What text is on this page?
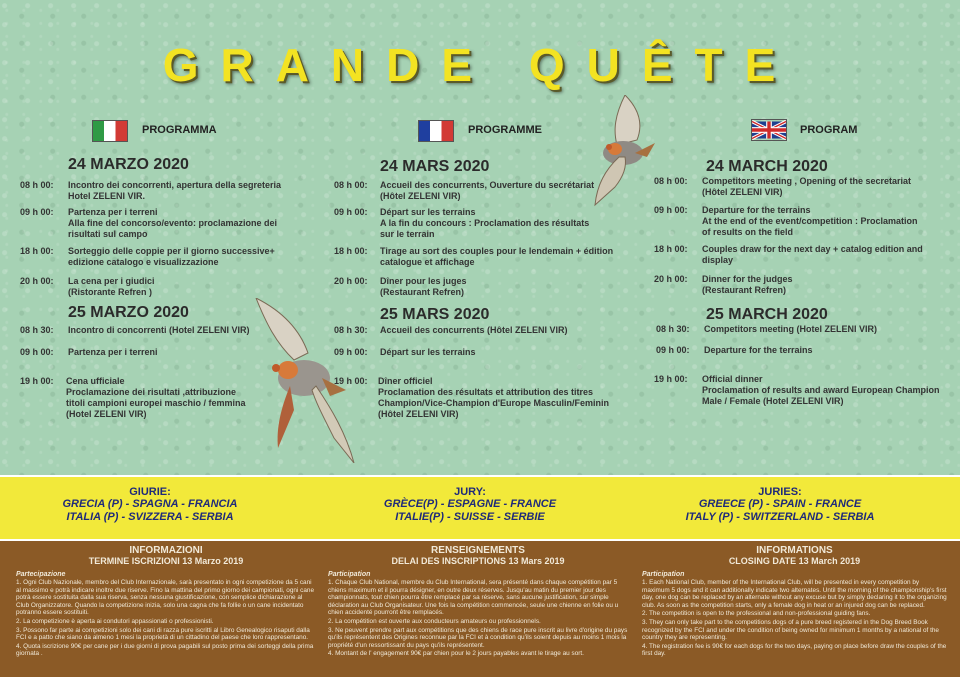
GRANDE QUÊTE
PROGRAMMA
24 MARZO 2020
08 h 00:	Incontro dei concorrenti, apertura della segreteria
Hotel ZELENI VIR.
09 h 00:	Partenza per i terreni
Alla fine del concorso/evento: proclamazione dei
risultati sul campo
18 h 00:	Sorteggio delle coppie per il giorno successive+
edizione catalogo e visualizzazione
20 h 00:	La cena per i giudici
(Ristorante Refren )
25 MARZO 2020
08 h 30:	Incontro di concorrenti (Hotel ZELENI VIR)
09 h 00:	Partenza per i terreni
19 h 00:	Cena ufficiale
Proclamazione dei risultati ,attribuzione
titoli campioni europei maschio / femmina
(Hotel ZELENI VIR)
PROGRAMME
24 MARS 2020
08 h 00:	Accueil des concurrents, Ouverture du secrétariat
(Hôtel ZELENI VIR)
09 h 00:	Départ sur les terrains
A la fin du concours : Proclamation des résultats
sur le terrain
18 h 00:	Tirage au sort des couples pour le lendemain + édition
catalogue et affichage
20 h 00:	Dîner pour les juges
(Restaurant Refren)
25 MARS 2020
08 h 30:	Accueil des concurrents (Hôtel ZELENI VIR)
09 h 00:	Départ sur les terrains
19 h 00:	Dîner officiel
Proclamation des résultats et attribution des titres
Champion/Vice-Champion d'Europe Masculin/Feminin
(Hôtel ZELENI VIR)
PROGRAM
24 MARCH 2020
08 h 00:	Competitors meeting , Opening of the secretariat
(Hôtel ZELENI VIR)
09 h 00:	Departure for the terrains
At the end of the event/competition : Proclamation
of results on the field
18 h 00:	Couples draw for the next day + catalog edition and
display
20 h 00:	Dinner for the judges
(Restaurant Refren)
25 MARCH 2020
08 h 30:	Competitors meeting (Hotel ZELENI VIR)
09 h 00:	Departure for the terrains
19 h 00:	Official dinner
Proclamation of results and award European Champion
Male / Female (Hotel ZELENI VIR)
GIURIE:
GRECIA (P) - SPAGNA - FRANCIA
ITALIA (P) - SVIZZERA - SERBIA
JURY:
GRÈCE(P) - ESPAGNE - FRANCE
ITALIE(P) - SUISSE - SERBIE
JURIES:
GREECE (P) - SPAIN - FRANCE
ITALY (P) - SWITZERLAND - SERBIA
INFORMAZIONI
TERMINE ISCRIZIONI 13 Marzo 2019
Partecipazione
1. Ogni Club Nazionale, membro del Club Internazionale, sarà presentato in ogni competizione da 5 cani al massimo e potrà indicare inoltre due riserve. Fino la mattina del primo giorno dei campionati, ogni cane potrà essere sostituita dalla sua riserva, senza nessuna giustificazione, con semplice dichiarazione al Club Organizzatore. Quando la competizione inizia, solo una cagna che fa follie o un cane incidentato potranno essere sostituiti.
2. La competizione è aperta ai condutori appassionati o professionisti.
3. Possono far parte ai competizioni solo dei cani di razza pure iscritti al Libro Genealogico risaputi dalla FCI e a patto che siano da almeno 1 mesi la proprietà di un cittadino del paese che loro rappresentano.
4. Quota iscrizione 90€ per cane per i due giorni di prova pagabili sul posto prima dei sorteggi della prima giornata .
RENSEIGNEMENTS
DELAI DES INSCRIPTIONS 13 Mars 2019
Participation
1. Chaque Club National, membre du Club International, sera présenté dans chaque compétition par 5 chiens maximum et il pourra désigner, en outre deux réserves. Jusqu'au matin du premier jour des championnats, tout chien pourra être remplacé par sa réserve, sans aucune justification, sur simple déclaration au Club Organisateur. Une fois la compétition commencée, seule une chienne en folie ou u chien accidenté pourront être remplacés.
2. La compétition est ouverte aux conducteurs amateurs ou professionnels.
3. Ne peuvent prendre part aux compétitions que des chiens de race pure inscrit au livre d'origine du pays qu'ils représentent des Origines reconnue par la FCI et à condition qu'ils soient depuis au moins 1 mois la propriété d'un ressortissant du pays qu'ils représentent.
4. Montant de l' engagement 90€ par chien pour le 2 jours payables avant le tirage au sort.
INFORMATIONS
CLOSING DATE 13 March 2019
Participation
1. Each National Club, member of the International Club, will be presented in every competition by maximum 5 dogs and it can additionally indicate two alternates. Until the morning of the championship's first day, one dog can be replaced by an alternate without any excuse but by simply declaring it to the organizing club. As soon as the competition starts, only a female dog in heat or an injured dog can be replaced.
2. The competition is open to the professional and non-professional guiding fans.
3. They can only take part to the competitions dogs of a pure breed registered in the Dog Breed Book recognized by the FCI and under the condition of being owned for minimum 1 months by a national of the country they are representing.
4. The registration fee is 90€ for each dogs for the two days, paying on place before draw the couples of the first day.
